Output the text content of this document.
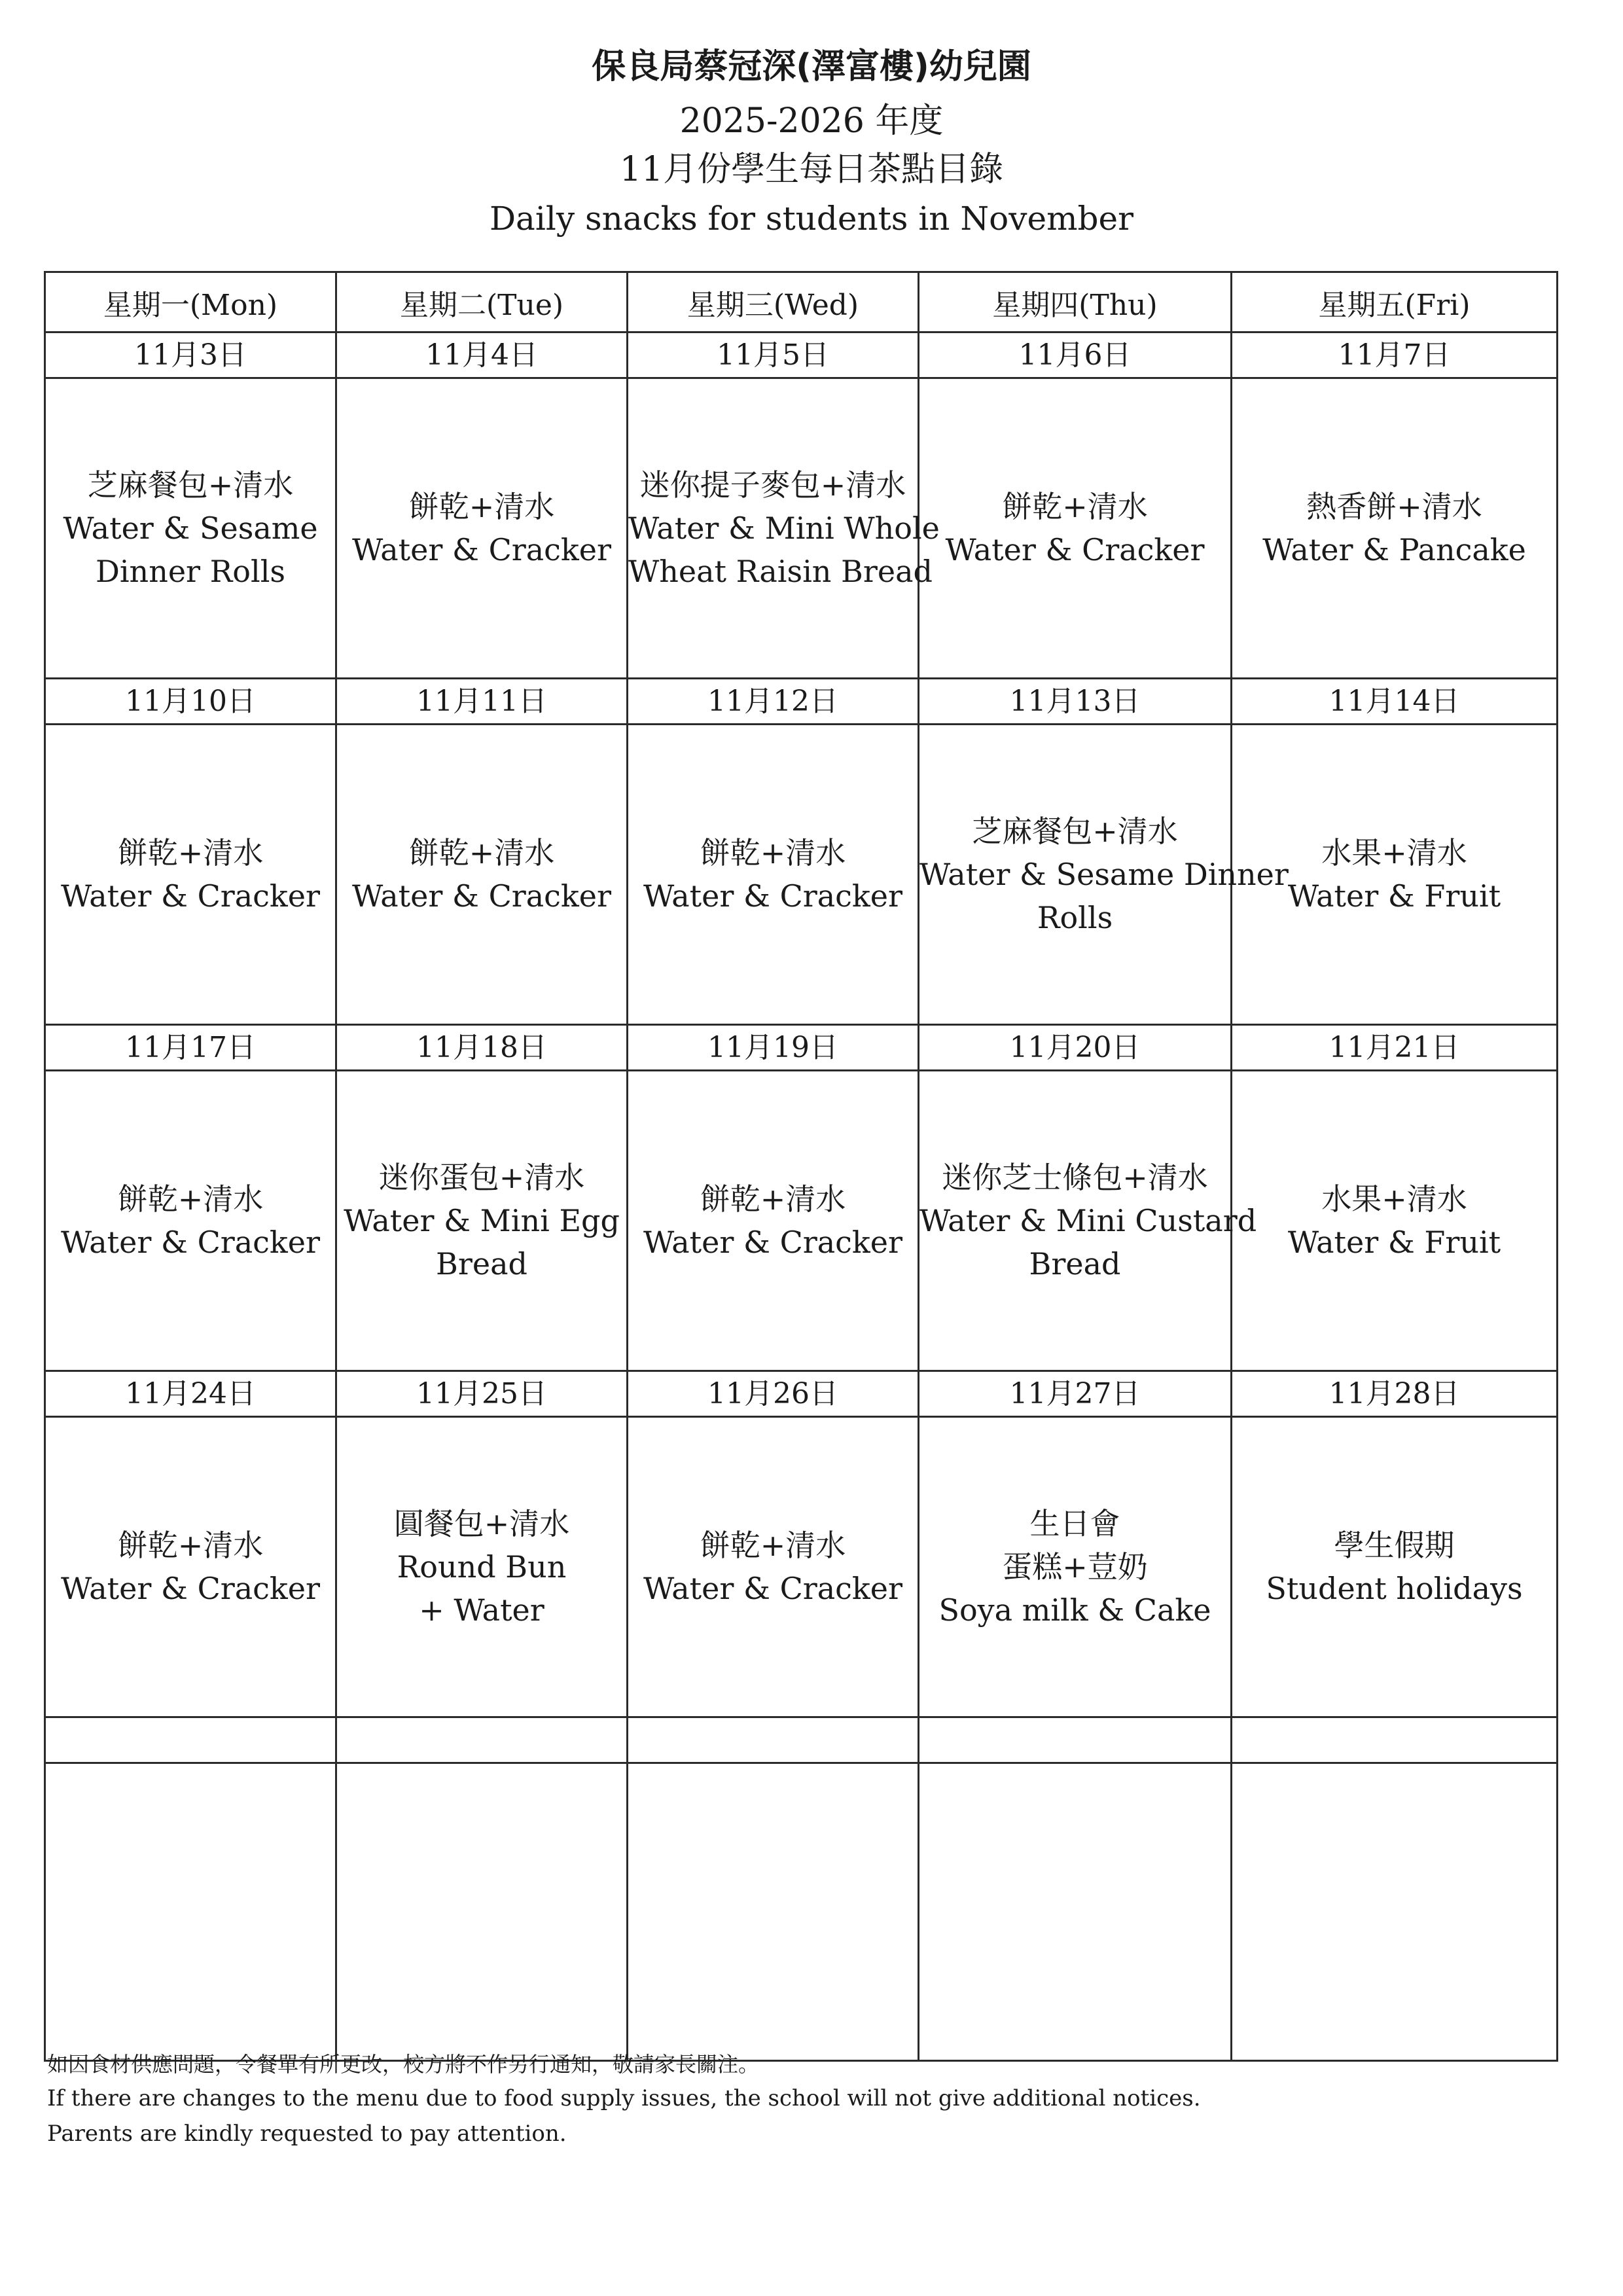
保良局蔡冠深(澤富樓)幼兒園
2025-2026 年度
11月份學生每日茶點目錄
Daily snacks for students in November
星期一(Mon)	星期二(Tue)	星期三(Wed)	星期四(Thu)	星期五(Fri)
11月3日	11月4日	11月5日	11月6日	11月7日

芝麻餐包+清水
Water & Sesame
Dinner Rolls	餅乾+清水
Water & Cracker	迷你提子麥包+清水
Water & Mini Whole
Wheat Raisin Bread	餅乾+清水
Water & Cracker	熱香餅+清水
Water & Pancake

11月10日	11月11日	11月12日	11月13日	11月14日

餅乾+清水
Water & Cracker	餅乾+清水
Water & Cracker	餅乾+清水
Water & Cracker	芝麻餐包+清水
Water & Sesame Dinner
Rolls	水果+清水
Water & Fruit

11月17日	11月18日	11月19日	11月20日	11月21日

餅乾+清水
Water & Cracker	迷你蛋包+清水
Water & Mini Egg
Bread	餅乾+清水
Water & Cracker	迷你芝士條包+清水
Water & Mini Custard
Bread	水果+清水
Water & Fruit

11月24日	11月25日	11月26日	11月27日	11月28日

餅乾+清水
Water & Cracker	圓餐包+清水
Round Bun
+ Water	餅乾+清水
Water & Cracker	生日會
蛋糕+荳奶
Soya milk & Cake	學生假期
Student holidays

如因食材供應問題，令餐單有所更改，校方將不作另行通知，敬請家長關注。
If there are changes to the menu due to food supply issues, the school will not give additional notices.
Parents are kindly requested to pay attention.
